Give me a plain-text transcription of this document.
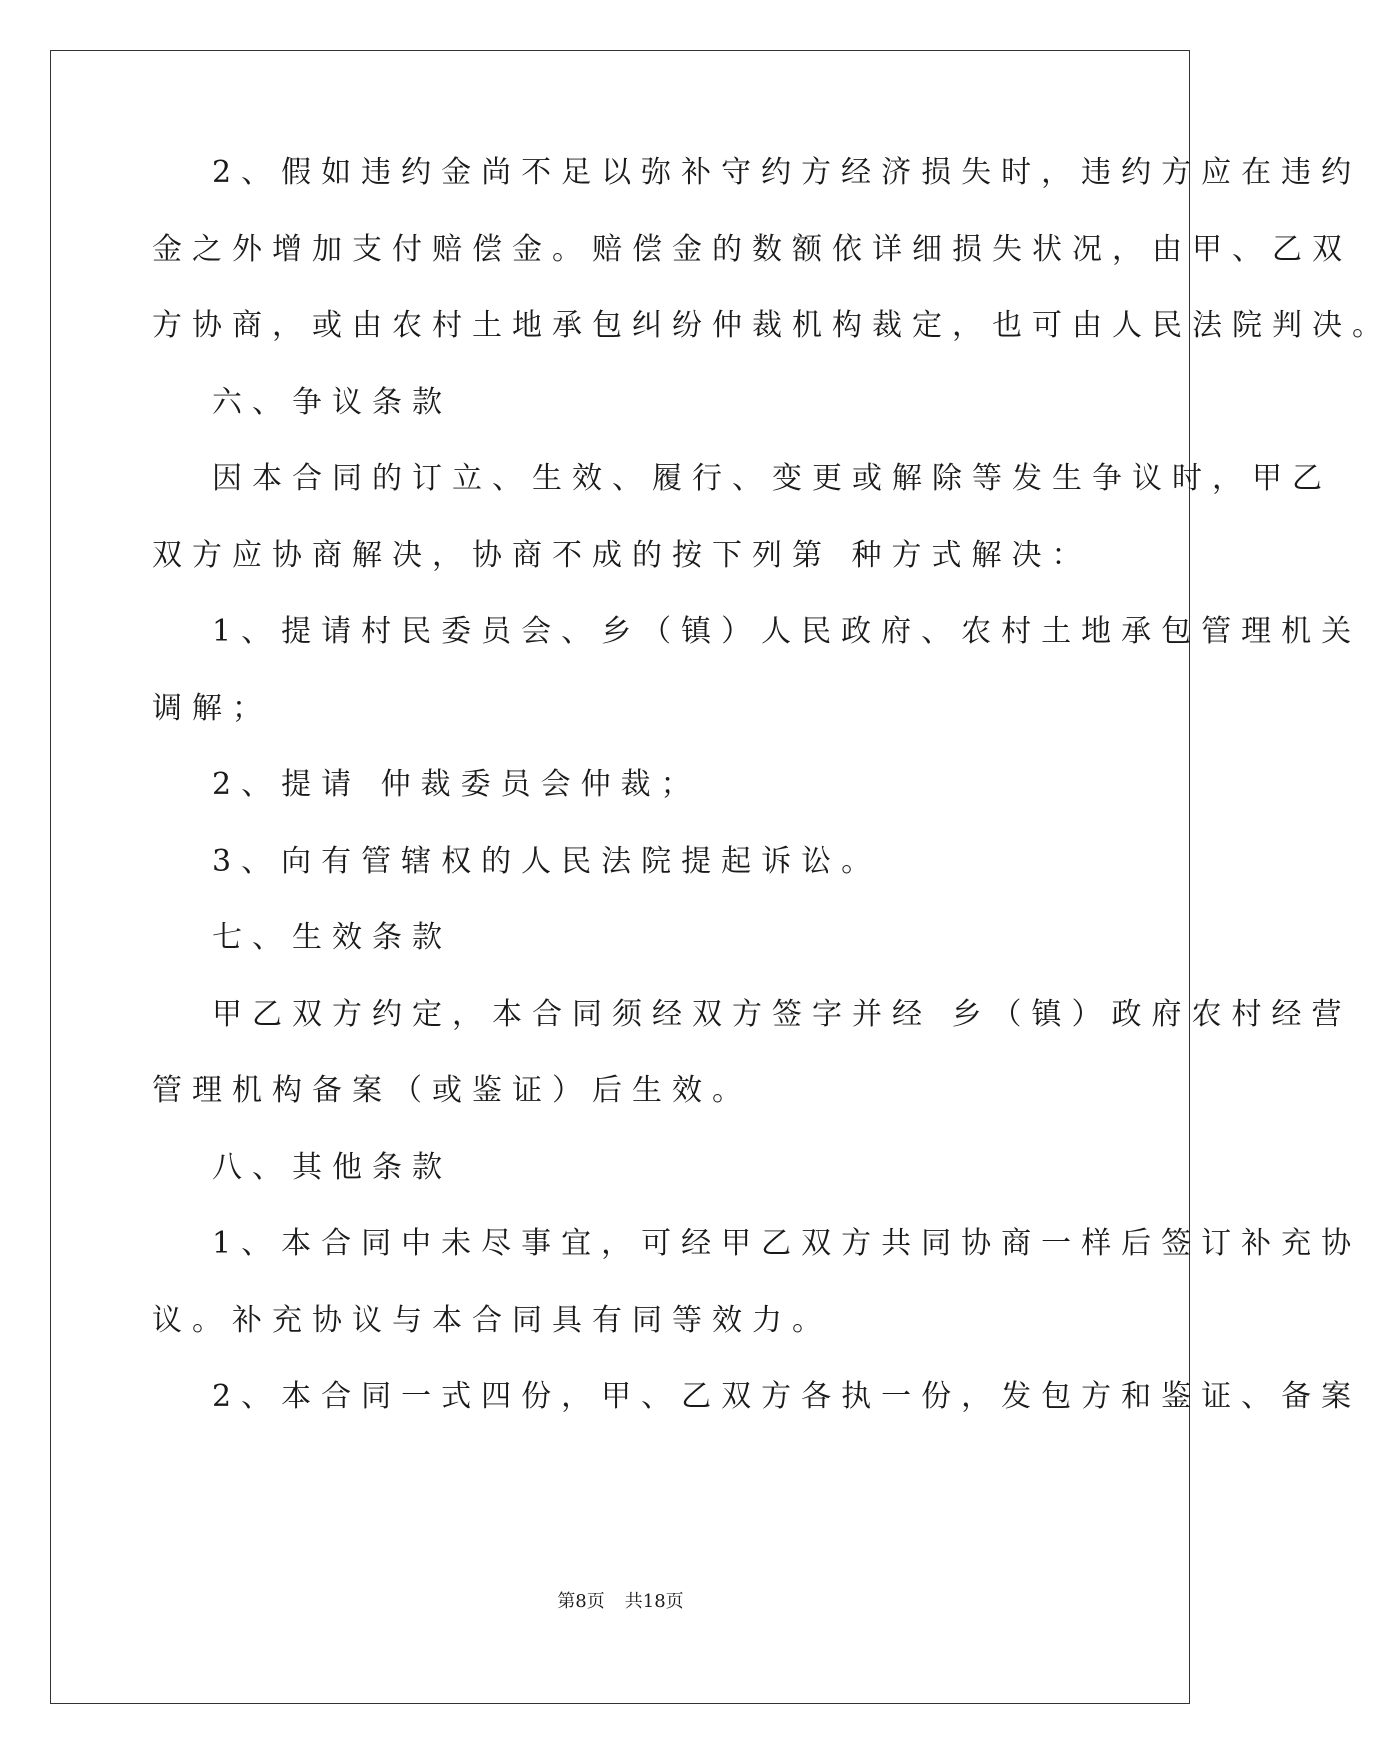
2、假如违约金尚不足以弥补守约方经济损失时，违约方应在违约
金之外增加支付赔偿金。赔偿金的数额依详细损失状况，由甲、乙双
方协商，或由农村土地承包纠纷仲裁机构裁定，也可由人民法院判决。
六、争议条款
因本合同的订立、生效、履行、变更或解除等发生争议时，甲乙
双方应协商解决，协商不成的按下列第 种方式解决：
1、提请村民委员会、乡（镇）人民政府、农村土地承包管理机关
调解；
2、提请 仲裁委员会仲裁；
3、向有管辖权的人民法院提起诉讼。
七、生效条款
甲乙双方约定，本合同须经双方签字并经 乡（镇）政府农村经营
管理机构备案（或鉴证）后生效。
八、其他条款
1、本合同中未尽事宜，可经甲乙双方共同协商一样后签订补充协
议。补充协议与本合同具有同等效力。
2、本合同一式四份，甲、乙双方各执一份，发包方和鉴证、备案
第8页 共18页
